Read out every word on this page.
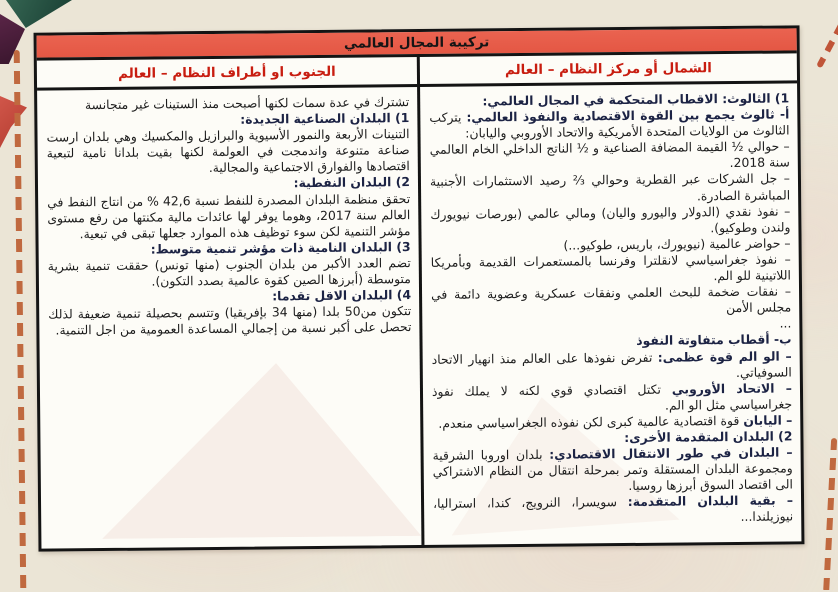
تركيبة المجال العالمي
الشمال أو مركز النظام – العالم
الجنوب او أطراف النظام – العالم
1) الثالوث: الاقطاب المتحكمة في المجال العالمي:
أ- ثالوث يجمع بين القوة الاقتصادية والنفوذ العالمي: يتركب الثالوث من الولايات المتحدة الأمريكية والاتحاد الأوروبي واليابان:
– حوالي ½ القيمة المضافة الصناعية و ½ الناتج الداخلي الخام العالمي سنة 2018.
– جل الشركات عبر القطرية وحوالي ⅔ رصيد الاستثمارات الأجنبية المباشرة الصادرة.
– نفوذ نقدي (الدولار واليورو واليان) ومالي عالمي (بورصات نيويورك ولندن وطوكيو).
– حواضر عالمية (نيويورك، باريس، طوكيو...)
– نفوذ جغراسياسي لانقلترا وفرنسا بالمستعمرات القديمة وبأمريكا اللاتينية للو الم.
– نفقات ضخمة للبحث العلمي ونفقات عسكرية وعضوية دائمة في مجلس الأمن
...
ب- أقطاب متفاوتة النفوذ
– الو الم قوة عظمى: تفرض نفوذها على العالم منذ انهيار الاتحاد السوفياتي.
– الاتحاد الأوروبي تكتل اقتصادي قوي لكنه لا يملك نفوذ جغراسياسي مثل الو الم.
– اليابان قوة اقتصادية عالمية كبرى لكن نفوذه الجغراسياسي منعدم.
2) البلدان المتقدمة الأخرى:
– البلدان في طور الانتقال الاقتصادي: بلدان اوروبا الشرقية ومجموعة البلدان المستقلة وتمر بمرحلة انتقال من النظام الاشتراكي الى اقتصاد السوق أبرزها روسيا.
– بقية البلدان المتقدمة: سويسرا، النرويج، كندا، استراليا، نيوزيلندا...
تشترك في عدة سمات لكنها أصبحت منذ الستينات غير متجانسة
1) البلدان الصناعية الجديدة:
التنينات الأربعة والنمور الأسيوية والبرازيل والمكسيك وهي بلدان ارست صناعة متنوعة واندمجت في العولمة لكنها بقيت بلدانا نامية لتبعية اقتصادها والفوارق الاجتماعية والمجالية.
2) البلدان النفطية:
تحقق منظمة البلدان المصدرة للنفط نسبة 42,6 % من انتاج النفط في العالم سنة 2017، وهوما يوفر لها عائدات مالية مكنتها من رفع مستوى مؤشر التنمية لكن سوء توظيف هذه الموارد جعلها تبقى في تبعية.
3) البلدان النامية ذات مؤشر تنمية متوسط:
تضم العدد الأكبر من بلدان الجنوب (منها تونس) حققت تنمية بشرية متوسطة (أبرزها الصين كقوة عالمية بصدد التكون).
4) البلدان الاقل تقدما:
تتكون من50 بلدا (منها 34 بإفريقيا) وتتسم بحصيلة تنمية ضعيفة لذلك تحصل على أكبر نسبة من إجمالي المساعدة العمومية من اجل التنمية.
